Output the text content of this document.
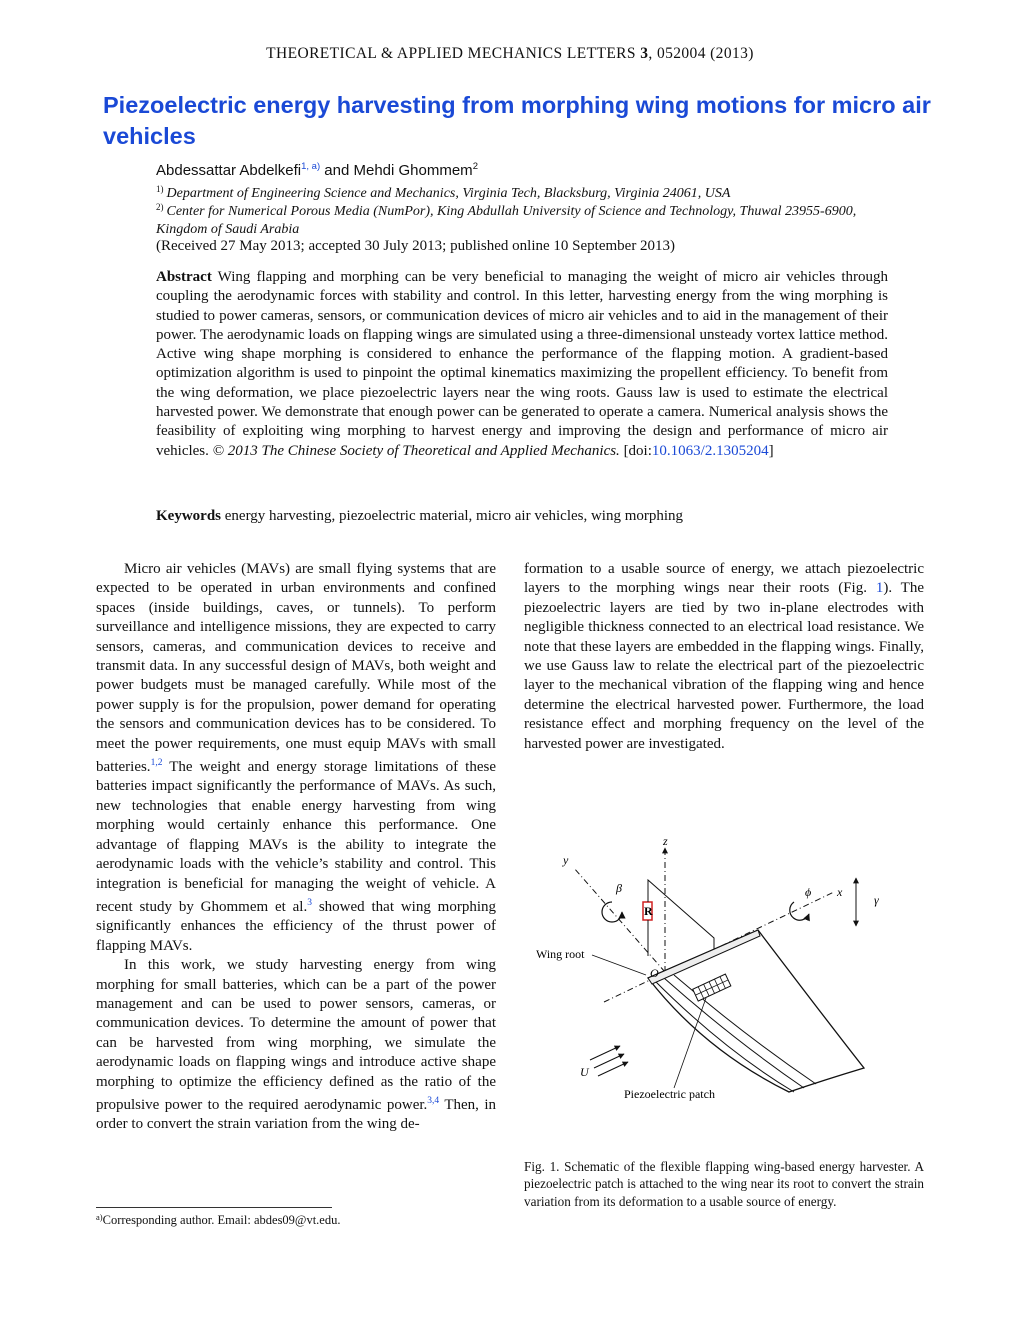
THEORETICAL & APPLIED MECHANICS LETTERS 3, 052004 (2013)
Piezoelectric energy harvesting from morphing wing motions for micro air vehicles
Abdessattar Abdelkefi$^{1, a)}$ and Mehdi Ghommem$^2$
$^{1)}$ Department of Engineering Science and Mechanics, Virginia Tech, Blacksburg, Virginia 24061, USA
$^{2)}$ Center for Numerical Porous Media (NumPor), King Abdullah University of Science and Technology, Thuwal 23955-6900, Kingdom of Saudi Arabia
(Received 27 May 2013; accepted 30 July 2013; published online 10 September 2013)
Abstract Wing flapping and morphing can be very beneficial to managing the weight of micro air vehicles through coupling the aerodynamic forces with stability and control. In this letter, harvesting energy from the wing morphing is studied to power cameras, sensors, or communication devices of micro air vehicles and to aid in the management of their power. The aerodynamic loads on flapping wings are simulated using a three-dimensional unsteady vortex lattice method. Active wing shape morphing is considered to enhance the performance of the flapping motion. A gradient-based optimization algorithm is used to pinpoint the optimal kinematics maximizing the propellent efficiency. To benefit from the wing deformation, we place piezoelectric layers near the wing roots. Gauss law is used to estimate the electrical harvested power. We demonstrate that enough power can be generated to operate a camera. Numerical analysis shows the feasibility of exploiting wing morphing to harvest energy and improving the design and performance of micro air vehicles. © 2013 The Chinese Society of Theoretical and Applied Mechanics. [doi:10.1063/2.1305204]
Keywords energy harvesting, piezoelectric material, micro air vehicles, wing morphing

Micro air vehicles (MAVs) are small flying systems that are expected to be operated in urban environments and confined spaces (inside buildings, caves, or tunnels). To perform surveillance and intelligence missions, they are expected to carry sensors, cameras, and communication devices to receive and transmit data. In any successful design of MAVs, both weight and power budgets must be managed carefully. While most of the power supply is for the propulsion, power demand for operating the sensors and communication devices has to be considered. To meet the power requirements, one must equip MAVs with small batteries.$^{1,2}$ The weight and energy storage limitations of these batteries impact significantly the performance of MAVs. As such, new technologies that enable energy harvesting from wing morphing would certainly enhance this performance. One advantage of flapping MAVs is the ability to integrate the aerodynamic loads with the vehicle’s stability and control. This integration is beneficial for managing the weight of vehicle. A recent study by Ghommem et al.$^3$ showed that wing morphing significantly enhances the efficiency of the thrust power of flapping MAVs.

In this work, we study harvesting energy from wing morphing for small batteries, which can be a part of the power management and can be used to power sensors, cameras, or communication devices. To determine the amount of power that can be harvested from wing morphing, we simulate the aerodynamic loads on flapping wings and introduce active shape morphing to optimize the efficiency defined as the ratio of the propulsive power to the required aerodynamic power.$^{3,4}$ Then, in order to convert the strain variation from the wing de-

formation to a usable source of energy, we attach piezoelectric layers to the morphing wings near their roots (Fig. 1). The piezoelectric layers are tied by two in-plane electrodes with negligible thickness connected to an electrical load resistance. We note that these layers are embedded in the flapping wings. Finally, we use Gauss law to relate the electrical part of the piezoelectric layer to the mechanical vibration of the flapping wing and hence determine the electrical harvested power. Furthermore, the load resistance effect and morphing frequency on the level of the harvested power are investigated.

z
y
x
β	ϕ
γ
R
O
Wing root
Piezoelectric patch
U
Fig. 1. Schematic of the flexible flapping wing-based energy harvester. A piezoelectric patch is attached to the wing near its root to convert the strain variation from its deformation to a usable source of energy.
$^{a)}$Corresponding author. Email: abdes09@vt.edu.
